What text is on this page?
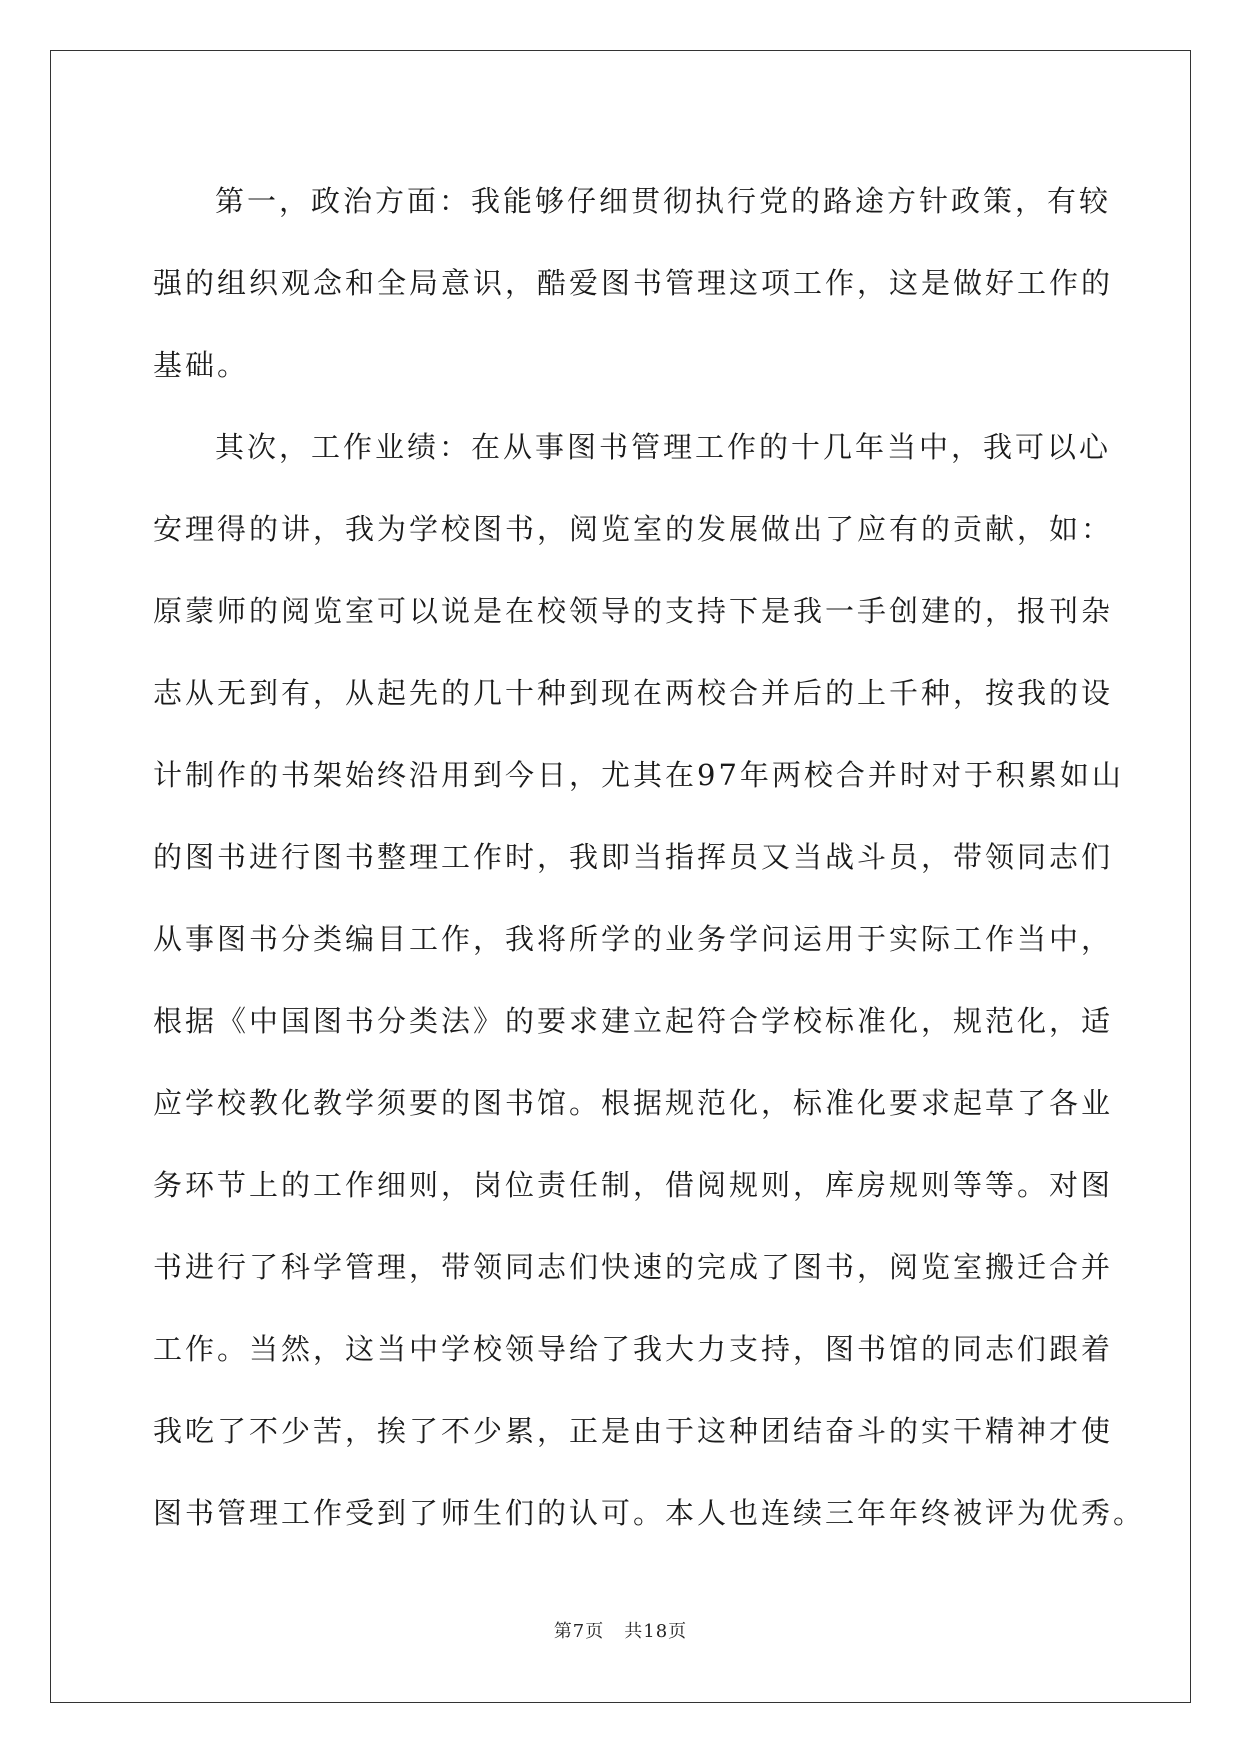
第一，政治方面：我能够仔细贯彻执行党的路途方针政策，有较
强的组织观念和全局意识，酷爱图书管理这项工作，这是做好工作的
基础。

其次，工作业绩：在从事图书管理工作的十几年当中，我可以心
安理得的讲，我为学校图书，阅览室的发展做出了应有的贡献，如：
原蒙师的阅览室可以说是在校领导的支持下是我一手创建的，报刊杂
志从无到有，从起先的几十种到现在两校合并后的上千种，按我的设
计制作的书架始终沿用到今日，尤其在97年两校合并时对于积累如山
的图书进行图书整理工作时，我即当指挥员又当战斗员，带领同志们
从事图书分类编目工作，我将所学的业务学问运用于实际工作当中，
根据《中国图书分类法》的要求建立起符合学校标准化，规范化，适
应学校教化教学须要的图书馆。根据规范化，标准化要求起草了各业
务环节上的工作细则，岗位责任制，借阅规则，库房规则等等。对图
书进行了科学管理，带领同志们快速的完成了图书，阅览室搬迁合并
工作。当然，这当中学校领导给了我大力支持，图书馆的同志们跟着
我吃了不少苦，挨了不少累，正是由于这种团结奋斗的实干精神才使
图书管理工作受到了师生们的认可。本人也连续三年年终被评为优秀。

第7页 共18页
